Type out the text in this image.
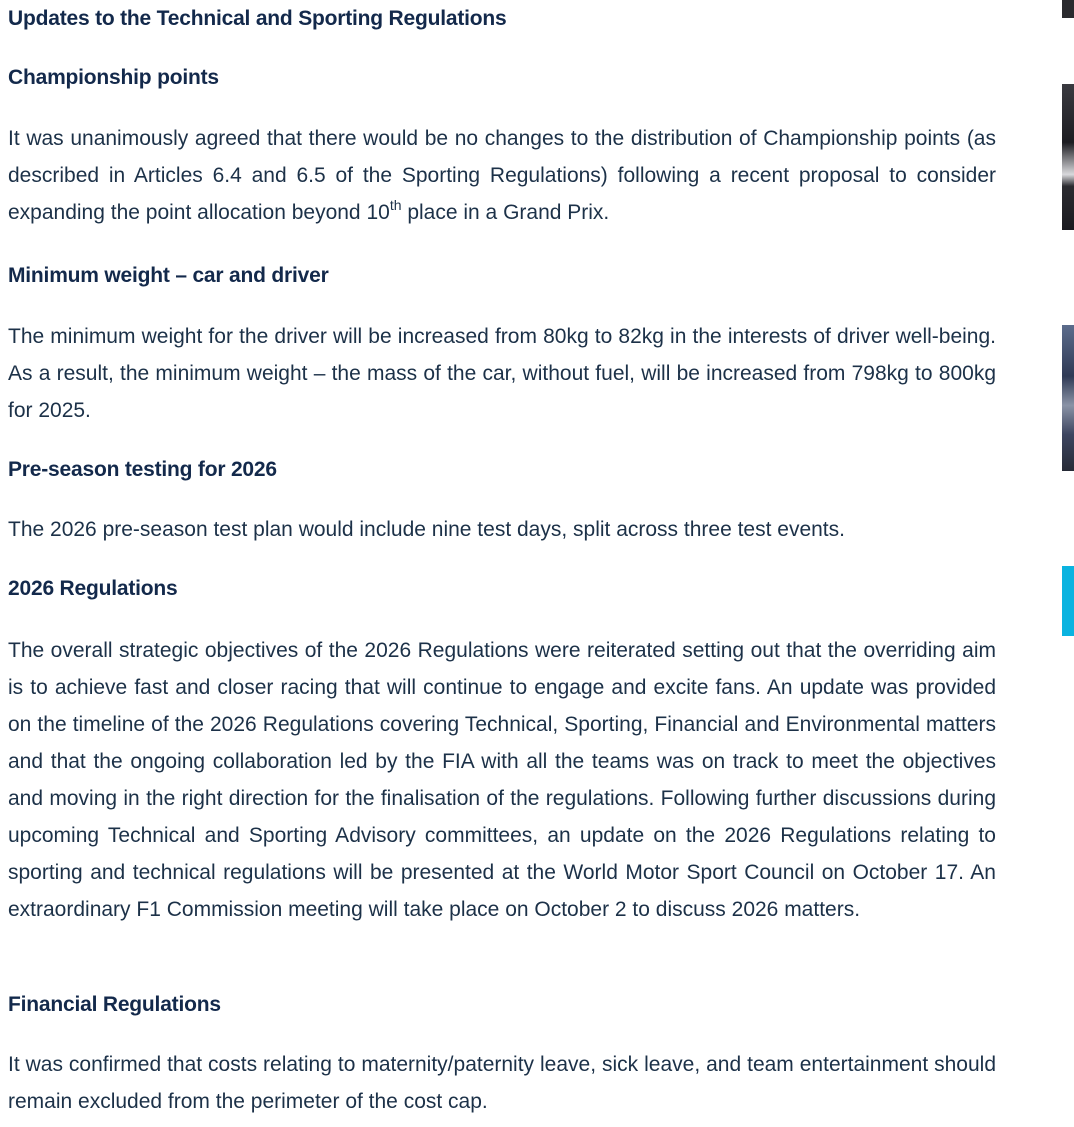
Updates to the Technical and Sporting Regulations
Championship points

It was unanimously agreed that there would be no changes to the distribution of Championship points (as described in Articles 6.4 and 6.5 of the Sporting Regulations) following a recent proposal to consider expanding the point allocation beyond 10th place in a Grand Prix.

Minimum weight – car and driver

The minimum weight for the driver will be increased from 80kg to 82kg in the interests of driver well-being. As a result, the minimum weight – the mass of the car, without fuel, will be increased from 798kg to 800kg for 2025.

Pre-season testing for 2026

The 2026 pre-season test plan would include nine test days, split across three test events.

2026 Regulations

The overall strategic objectives of the 2026 Regulations were reiterated setting out that the overriding aim is to achieve fast and closer racing that will continue to engage and excite fans. An update was provided on the timeline of the 2026 Regulations covering Technical, Sporting, Financial and Environmental matters and that the ongoing collaboration led by the FIA with all the teams was on track to meet the objectives and moving in the right direction for the finalisation of the regulations. Following further discussions during upcoming Technical and Sporting Advisory committees, an update on the 2026 Regulations relating to sporting and technical regulations will be presented at the World Motor Sport Council on October 17. An extraordinary F1 Commission meeting will take place on October 2 to discuss 2026 matters.

Financial Regulations

It was confirmed that costs relating to maternity/paternity leave, sick leave, and team entertainment should remain excluded from the perimeter of the cost cap.
